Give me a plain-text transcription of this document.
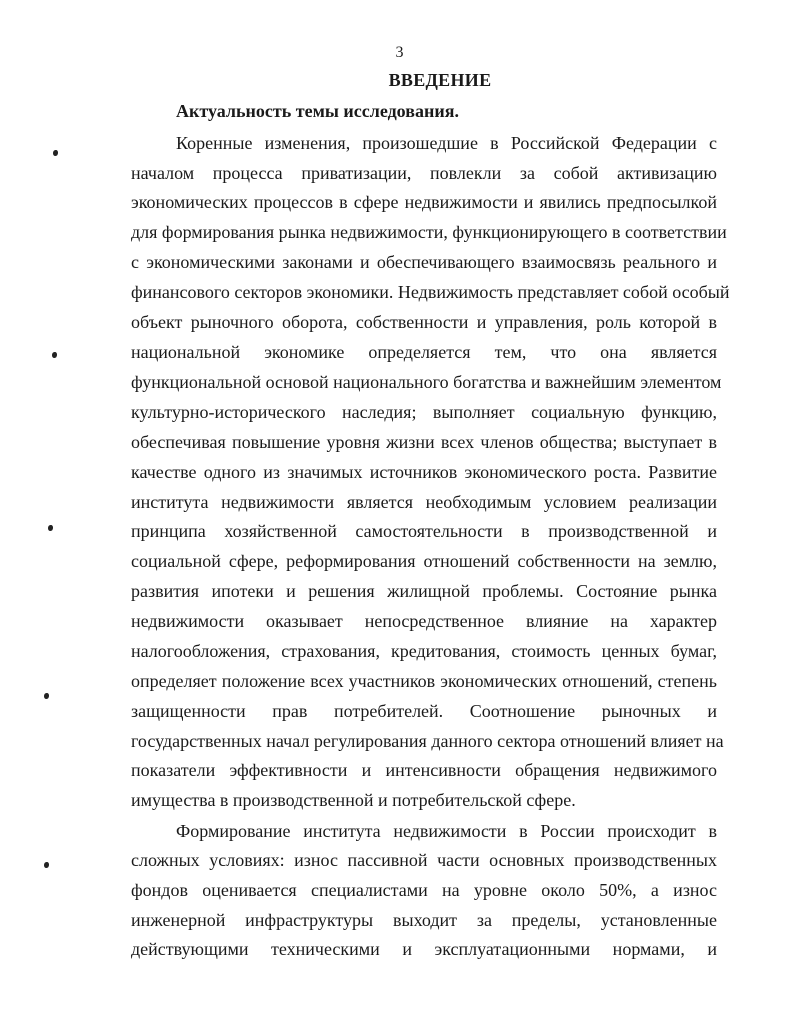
3
ВВЕДЕНИЕ
Актуальность темы исследования.
Коренные изменения, произошедшие в Российской Федерации с
началом процесса приватизации, повлекли за собой активизацию
экономических процессов в сфере недвижимости и явились предпосылкой
для формирования рынка недвижимости, функционирующего в соответствии
с экономическими законами и обеспечивающего взаимосвязь реального и
финансового секторов экономики. Недвижимость представляет собой особый
объект рыночного оборота, собственности и управления, роль которой в
национальной экономике определяется тем, что она является
функциональной основой национального богатства и важнейшим элементом
культурно-исторического наследия; выполняет социальную функцию,
обеспечивая повышение уровня жизни всех членов общества; выступает в
качестве одного из значимых источников экономического роста. Развитие
института недвижимости является необходимым условием реализации
принципа хозяйственной самостоятельности в производственной и
социальной сфере, реформирования отношений собственности на землю,
развития ипотеки и решения жилищной проблемы. Состояние рынка
недвижимости оказывает непосредственное влияние на характер
налогообложения, страхования, кредитования, стоимость ценных бумаг,
определяет положение всех участников экономических отношений, степень
защищенности прав потребителей. Соотношение рыночных и
государственных начал регулирования данного сектора отношений влияет на
показатели эффективности и интенсивности обращения недвижимого
имущества в производственной и потребительской сфере.
Формирование института недвижимости в России происходит в
сложных условиях: износ пассивной части основных производственных
фондов оценивается специалистами на уровне около 50%, а износ
инженерной инфраструктуры выходит за пределы, установленные
действующими техническими и эксплуатационными нормами, и
